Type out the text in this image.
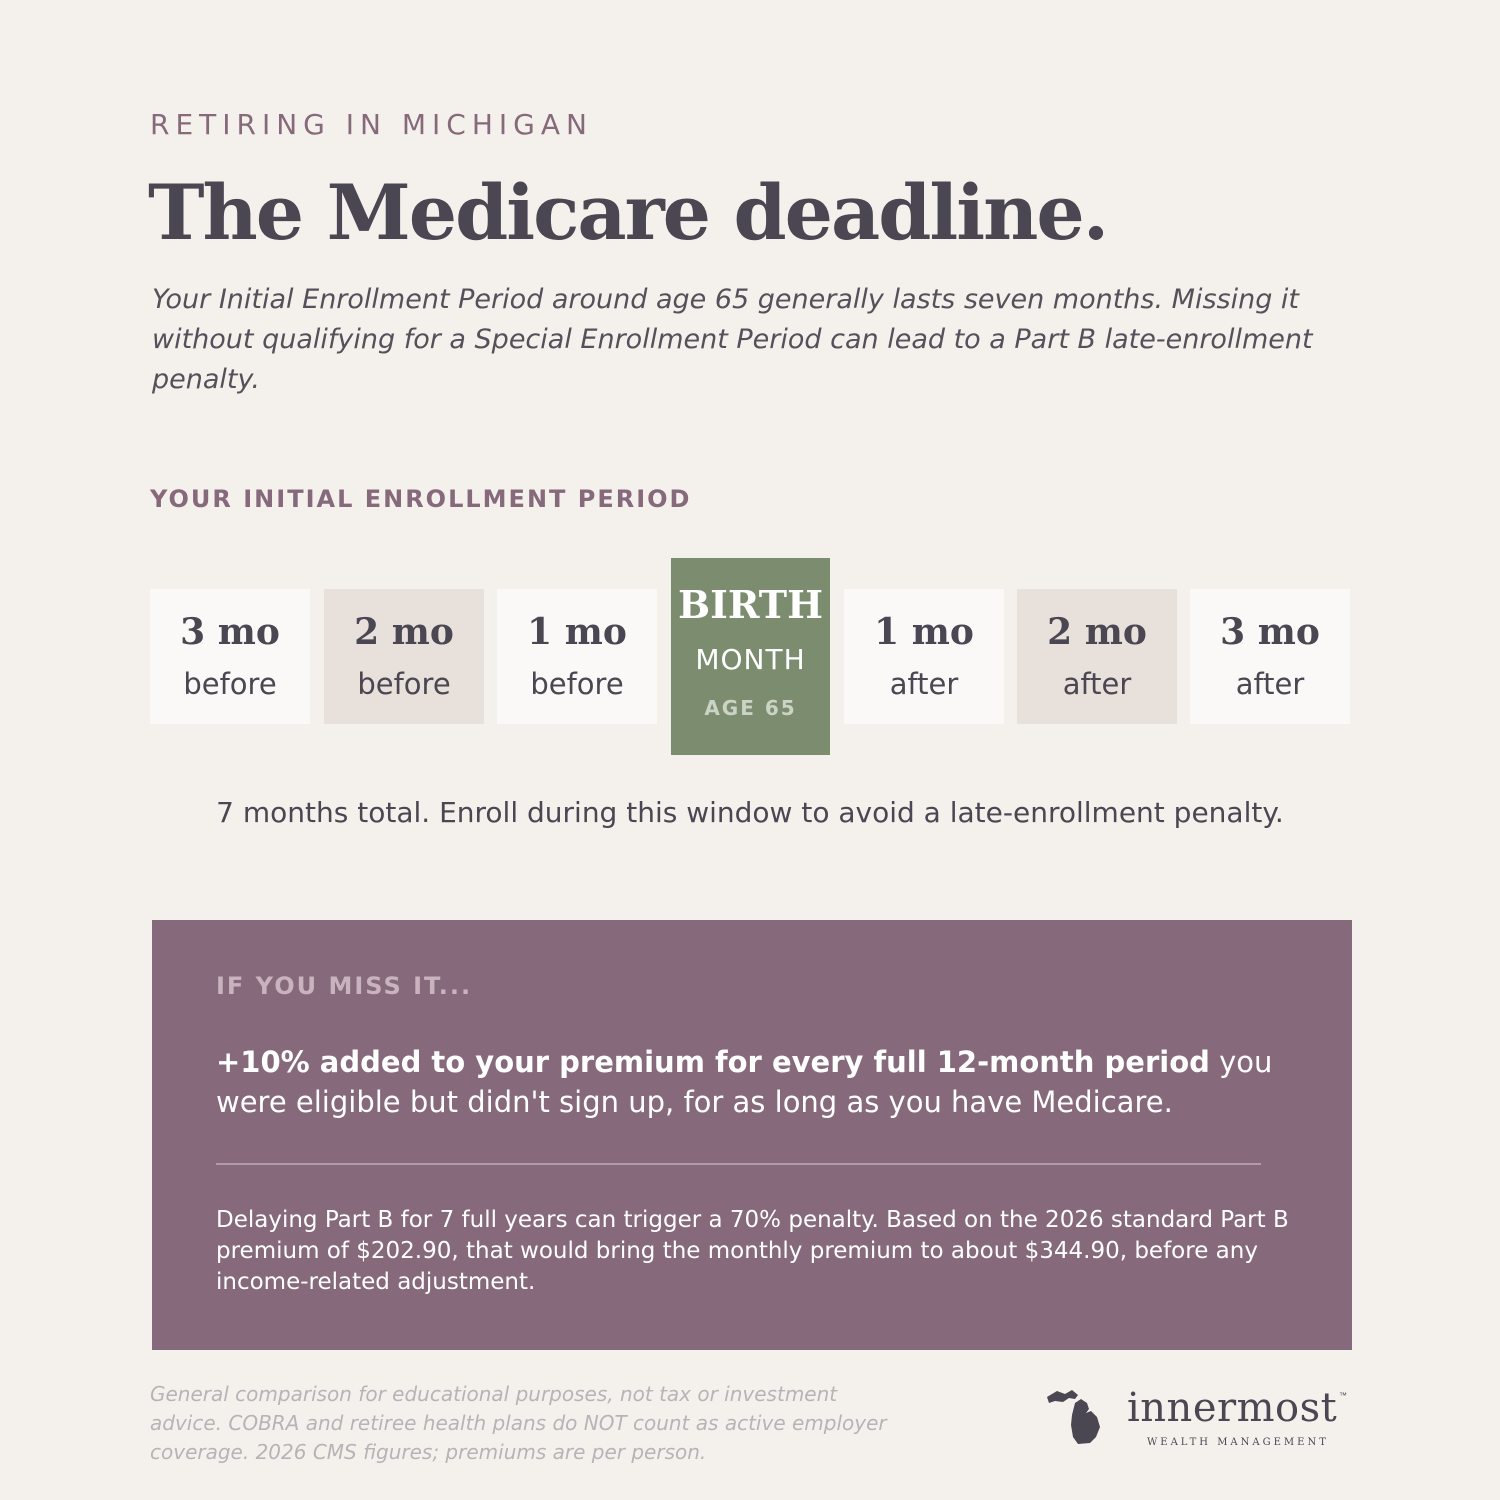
RETIRING IN MICHIGAN
The Medicare deadline.
Your Initial Enrollment Period around age 65 generally lasts seven months. Missing it without qualifying for a Special Enrollment Period can lead to a Part B late-enrollment penalty.
YOUR INITIAL ENROLLMENT PERIOD
3 mo
before
2 mo
before
1 mo
before
BIRTH
MONTH
AGE 65
1 mo
after
2 mo
after
3 mo
after
7 months total. Enroll during this window to avoid a late-enrollment penalty.
IF YOU MISS IT...
+10% added to your premium for every full 12-month period you were eligible but didn't sign up, for as long as you have Medicare.
Delaying Part B for 7 full years can trigger a 70% penalty. Based on the 2026 standard Part B premium of $202.90, that would bring the monthly premium to about $344.90, before any income-related adjustment.
General comparison for educational purposes, not tax or investment advice. COBRA and retiree health plans do NOT count as active employer coverage. 2026 CMS figures; premiums are per person.
innermost ™
WEALTH MANAGEMENT
